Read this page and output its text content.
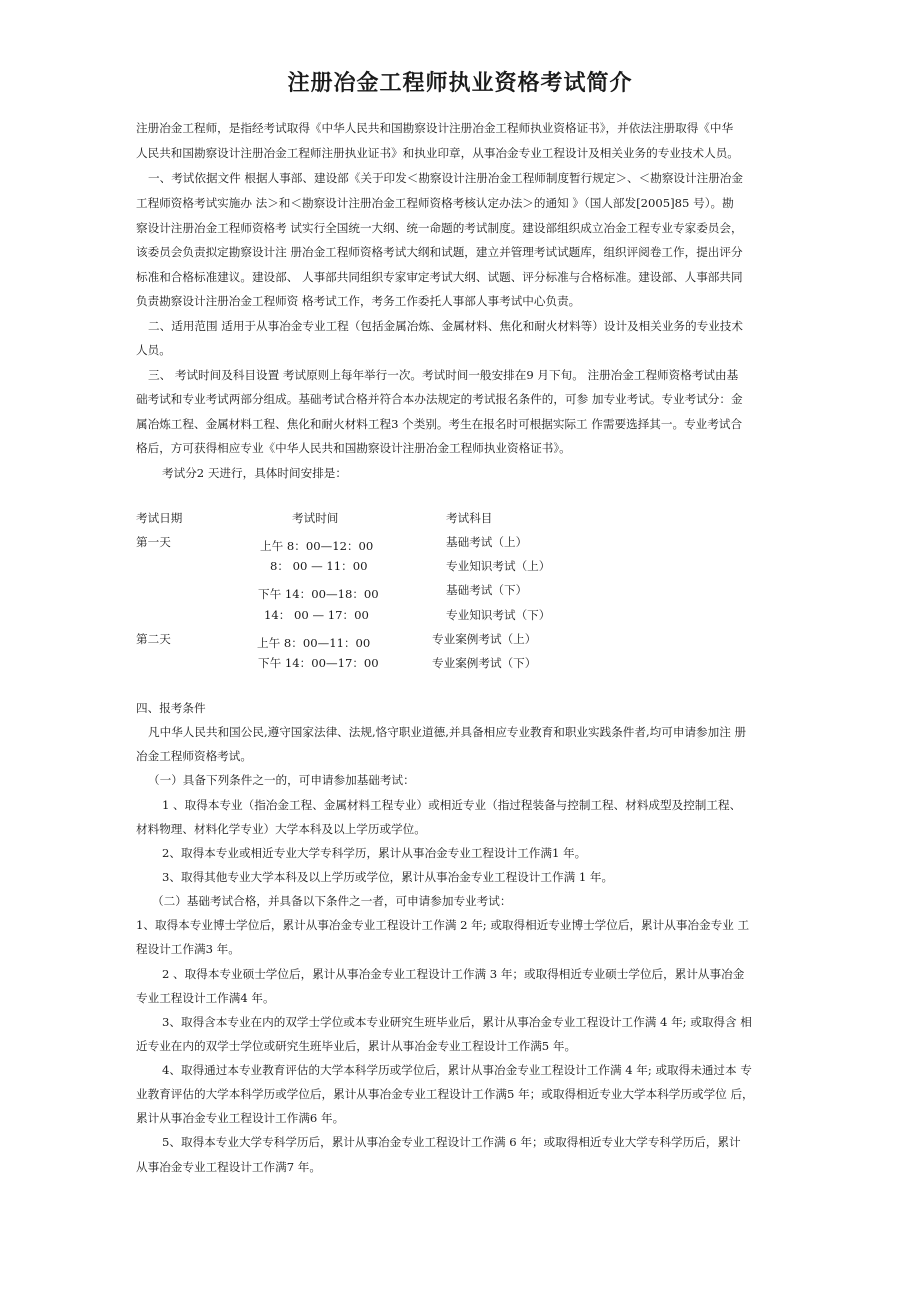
注册冶金工程师执业资格考试简介
注册冶金工程师，是指经考试取得《中华人民共和国勘察设计注册冶金工程师执业资格证书》，并依法注册取得《中华
人民共和国勘察设计注册冶金工程师注册执业证书》和执业印章，从事冶金专业工程设计及相关业务的专业技术人员。
一、考试依据文件 根据人事部、建设部《关于印发＜勘察设计注册冶金工程师制度暂行规定＞、＜勘察设计注册冶金
工程师资格考试实施办 法＞和＜勘察设计注册冶金工程师资格考核认定办法＞的通知 》（国人部发[2005]85 号）。勘
察设计注册冶金工程师资格考 试实行全国统一大纲、统一命题的考试制度。建设部组织成立冶金工程专业专家委员会，
该委员会负责拟定勘察设计注 册冶金工程师资格考试大纲和试题，建立并管理考试试题库，组织评阅卷工作，提出评分
标准和合格标准建议。建设部、 人事部共同组织专家审定考试大纲、试题、评分标准与合格标准。建设部、人事部共同
负责勘察设计注册冶金工程师资 格考试工作，考务工作委托人事部人事考试中心负责。
二、适用范围 适用于从事冶金专业工程（包括金属冶炼、金属材料、焦化和耐火材料等）设计及相关业务的专业技术
人员。
三、 考试时间及科目设置 考试原则上每年举行一次。考试时间一般安排在9 月下旬。 注册冶金工程师资格考试由基
础考试和专业考试两部分组成。基础考试合格并符合本办法规定的考试报名条件的，可参 加专业考试。专业考试分：金
属冶炼工程、金属材料工程、焦化和耐火材料工程3 个类别。考生在报名时可根据实际工 作需要选择其一。专业考试合
格后，方可获得相应专业《中华人民共和国勘察设计注册冶金工程师执业资格证书》。
考试分2 天进行，具体时间安排是：
考试日期	考试时间	考试科目
第一天	上午 8：00—12：00	基础考试（上）
8： 00 — 11：00	专业知识考试（上）
下午 14：00—18：00	基础考试（下）
14： 00 — 17：00	专业知识考试（下）
第二天	上午 8：00—11：00	专业案例考试（上）
下午 14：00—17：00	专业案例考试（下）
四、报考条件
凡中华人民共和国公民,遵守国家法律、法规,恪守职业道德,并具备相应专业教育和职业实践条件者,均可申请参加注 册
冶金工程师资格考试。
（一）具备下列条件之一的，可申请参加基础考试：
1 、取得本专业（指冶金工程、金属材料工程专业）或相近专业（指过程装备与控制工程、材料成型及控制工程、
材料物理、材料化学专业）大学本科及以上学历或学位。
2、取得本专业或相近专业大学专科学历，累计从事冶金专业工程设计工作满1 年。
3、取得其他专业大学本科及以上学历或学位，累计从事冶金专业工程设计工作满 1 年。
（二）基础考试合格，并具备以下条件之一者，可申请参加专业考试：
1、取得本专业博士学位后，累计从事冶金专业工程设计工作满 2 年; 或取得相近专业博士学位后，累计从事冶金专业 工
程设计工作满3 年。
2 、取得本专业硕士学位后，累计从事冶金专业工程设计工作满 3 年；或取得相近专业硕士学位后，累计从事冶金
专业工程设计工作满4 年。
3、取得含本专业在内的双学士学位或本专业研究生班毕业后，累计从事冶金专业工程设计工作满 4 年; 或取得含 相
近专业在内的双学士学位或研究生班毕业后，累计从事冶金专业工程设计工作满5 年。
4、取得通过本专业教育评估的大学本科学历或学位后，累计从事冶金专业工程设计工作满 4 年; 或取得未通过本 专
业教育评估的大学本科学历或学位后，累计从事冶金专业工程设计工作满5 年；或取得相近专业大学本科学历或学位 后，
累计从事冶金专业工程设计工作满6 年。
5、取得本专业大学专科学历后，累计从事冶金专业工程设计工作满 6 年；或取得相近专业大学专科学历后，累计
从事冶金专业工程设计工作满7 年。
